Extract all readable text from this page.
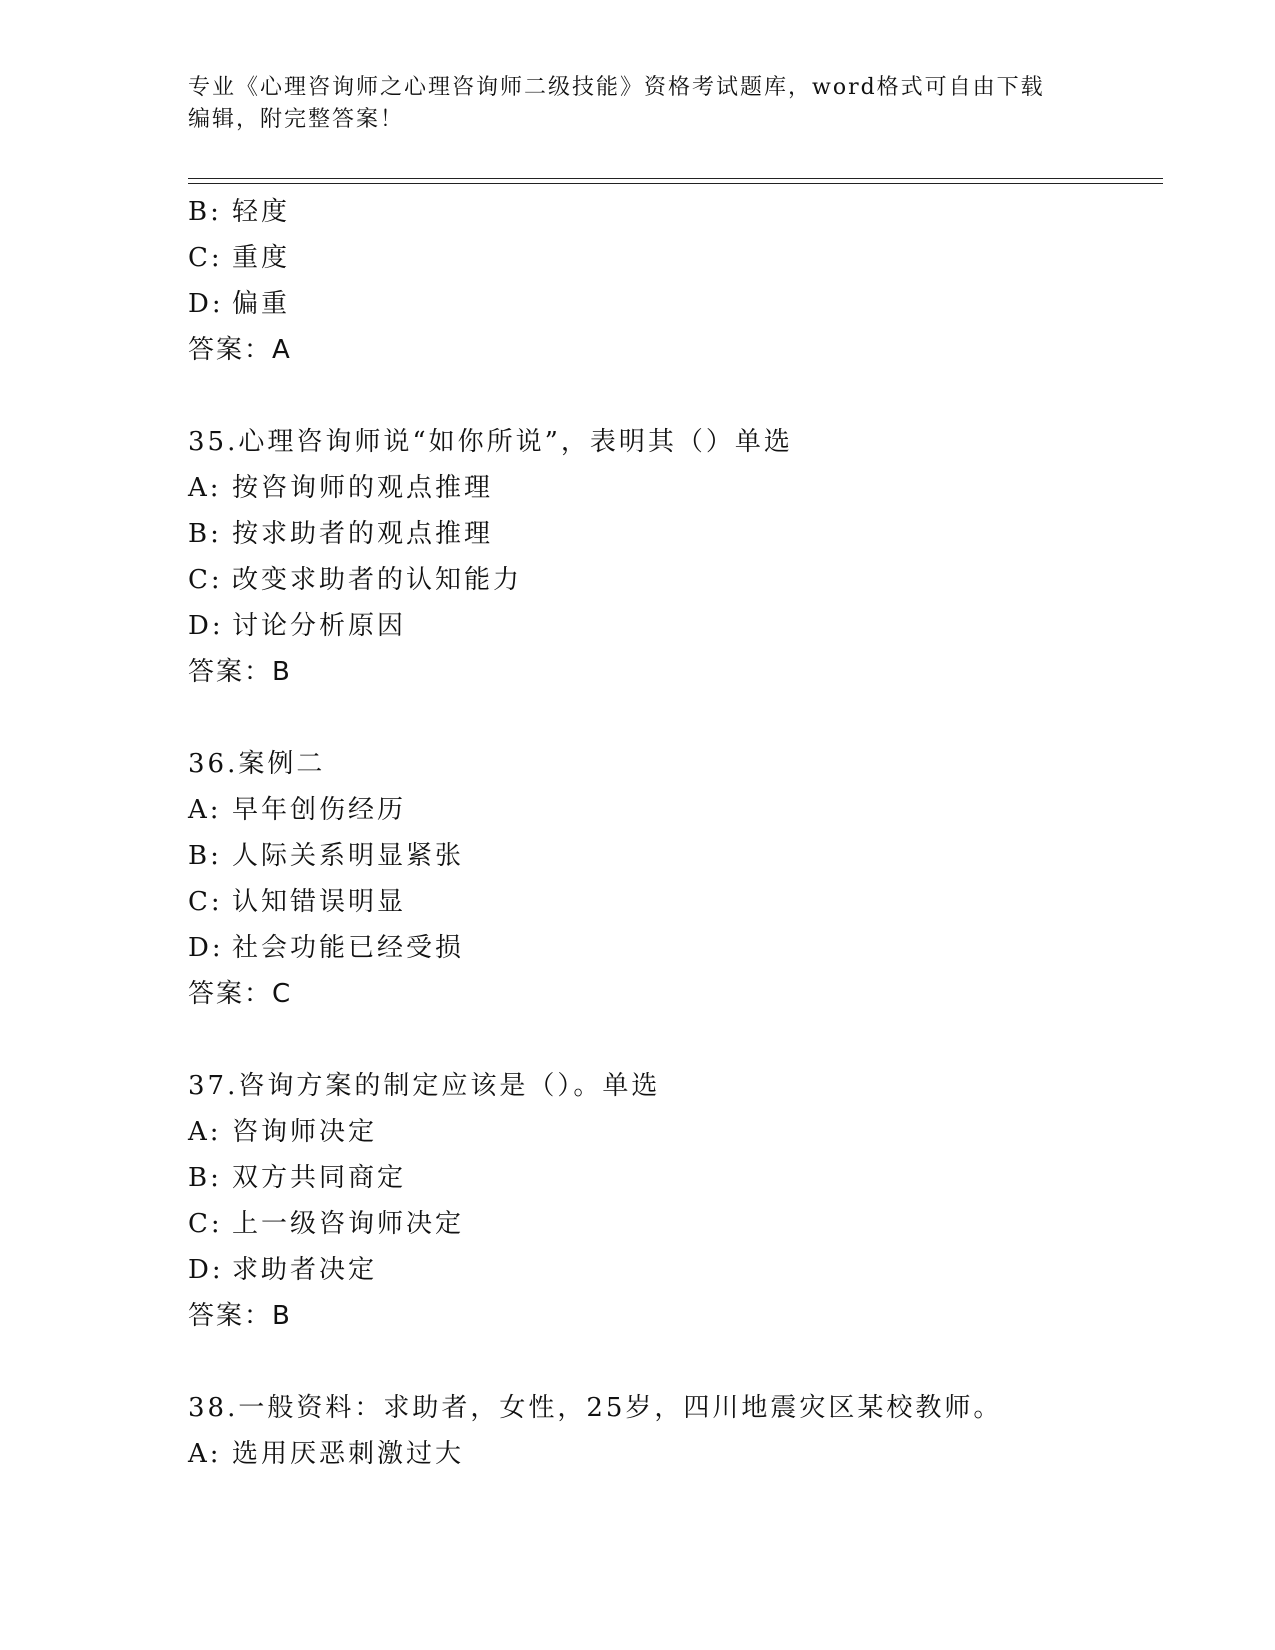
专业《心理咨询师之心理咨询师二级技能》资格考试题库，word格式可自由下载
编辑，附完整答案！
B: 轻度
C: 重度
D: 偏重
答案：A
35.心理咨询师说“如你所说”，表明其（）单选
A: 按咨询师的观点推理
B: 按求助者的观点推理
C: 改变求助者的认知能力
D: 讨论分析原因
答案：B
36.案例二
A: 早年创伤经历
B: 人际关系明显紧张
C: 认知错误明显
D: 社会功能已经受损
答案：C
37.咨询方案的制定应该是（）。单选
A: 咨询师决定
B: 双方共同商定
C: 上一级咨询师决定
D: 求助者决定
答案：B
38.一般资料：求助者，女性，25岁，四川地震灾区某校教师。
A: 选用厌恶刺激过大
